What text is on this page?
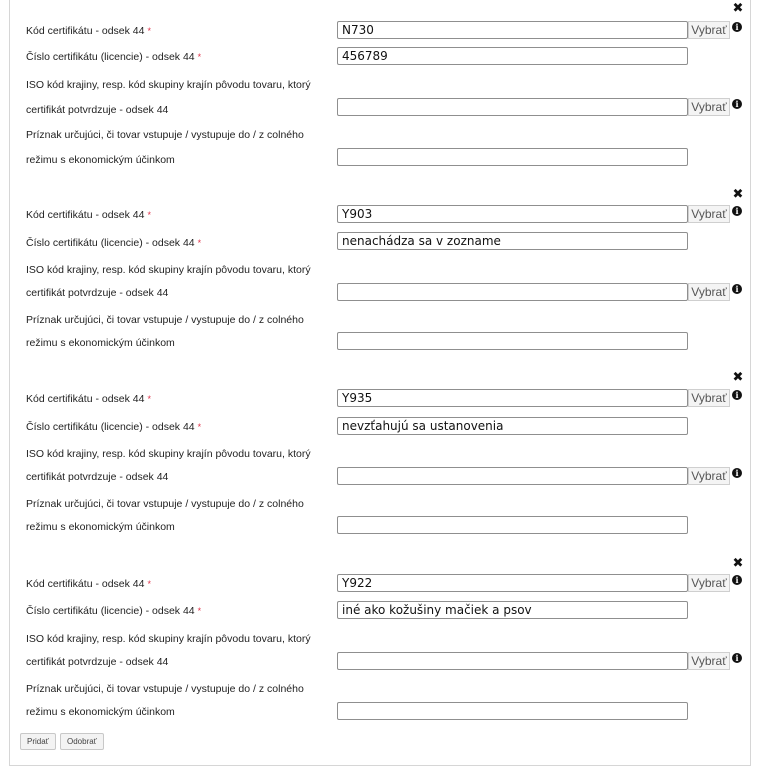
✖
Kód certifikátu - odsek 44 *
N730	Vybrať	i
Číslo certifikátu (licencie) - odsek 44 *
456789
ISO kód krajiny, resp. kód skupiny krajín pôvodu tovaru, ktorý
certifikát potvrdzuje - odsek 44	Vybrať	i
Príznak určujúci, či tovar vstupuje / vystupuje do / z colného
režimu s ekonomickým účinkom
✖
Kód certifikátu - odsek 44 *
Y903	Vybrať	i
Číslo certifikátu (licencie) - odsek 44 *
nenachádza sa v zozname
ISO kód krajiny, resp. kód skupiny krajín pôvodu tovaru, ktorý
certifikát potvrdzuje - odsek 44	Vybrať	i
Príznak určujúci, či tovar vstupuje / vystupuje do / z colného
režimu s ekonomickým účinkom
✖
Kód certifikátu - odsek 44 *
Y935	Vybrať	i
Číslo certifikátu (licencie) - odsek 44 *
nevzťahujú sa ustanovenia
ISO kód krajiny, resp. kód skupiny krajín pôvodu tovaru, ktorý
certifikát potvrdzuje - odsek 44	Vybrať	i
Príznak určujúci, či tovar vstupuje / vystupuje do / z colného
režimu s ekonomickým účinkom
✖
Kód certifikátu - odsek 44 *
Y922	Vybrať	i
Číslo certifikátu (licencie) - odsek 44 *
iné ako kožušiny mačiek a psov
ISO kód krajiny, resp. kód skupiny krajín pôvodu tovaru, ktorý
certifikát potvrdzuje - odsek 44	Vybrať	i
Príznak určujúci, či tovar vstupuje / vystupuje do / z colného
režimu s ekonomickým účinkom
Pridať	Odobrať
